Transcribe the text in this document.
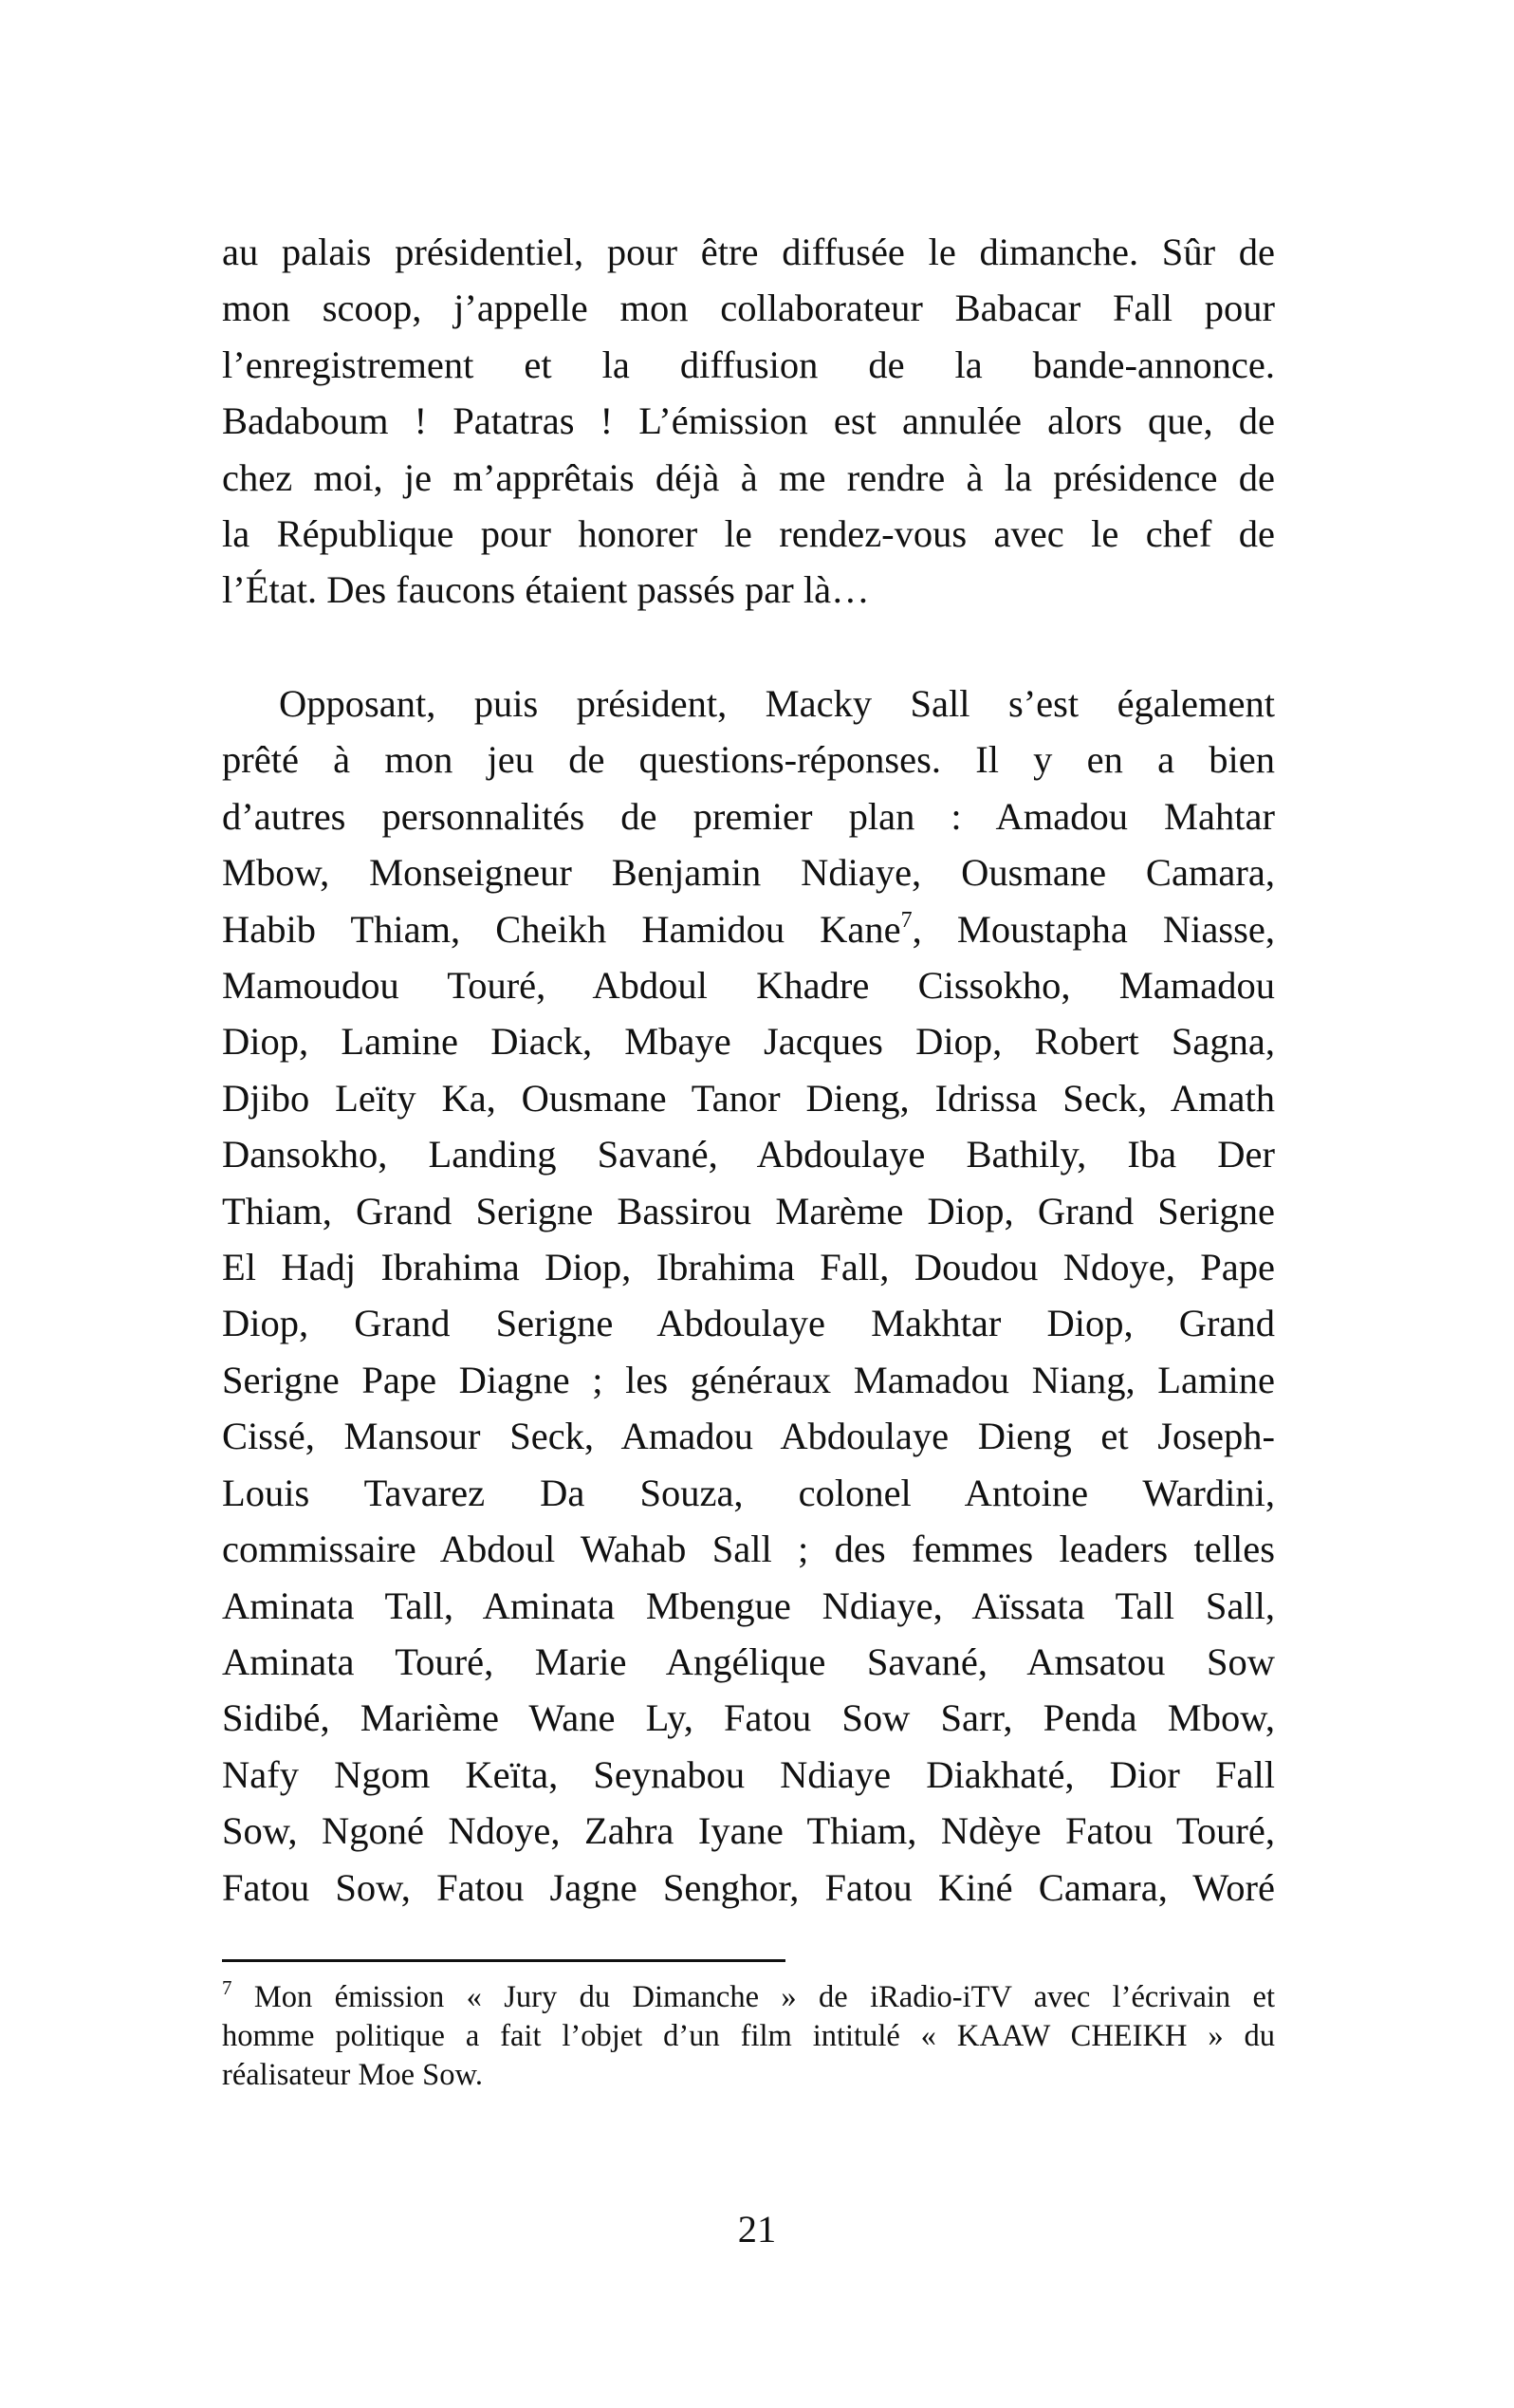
au palais présidentiel, pour être diffusée le dimanche. Sûr de
mon scoop, j’appelle mon collaborateur Babacar Fall pour
l’enregistrement et la diffusion de la bande-annonce.
Badaboum ! Patatras ! L’émission est annulée alors que, de
chez moi, je m’apprêtais déjà à me rendre à la présidence de
la République pour honorer le rendez-vous avec le chef de
l’État. Des faucons étaient passés par là…
Opposant, puis président, Macky Sall s’est également
prêté à mon jeu de questions-réponses. Il y en a bien
d’autres personnalités de premier plan : Amadou Mahtar
Mbow, Monseigneur Benjamin Ndiaye, Ousmane Camara,
Habib Thiam, Cheikh Hamidou Kane$^7$, Moustapha Niasse,
Mamoudou Touré, Abdoul Khadre Cissokho, Mamadou
Diop, Lamine Diack, Mbaye Jacques Diop, Robert Sagna,
Djibo Leïty Ka, Ousmane Tanor Dieng, Idrissa Seck, Amath
Dansokho, Landing Savané, Abdoulaye Bathily, Iba Der
Thiam, Grand Serigne Bassirou Marème Diop, Grand Serigne
El Hadj Ibrahima Diop, Ibrahima Fall, Doudou Ndoye, Pape
Diop, Grand Serigne Abdoulaye Makhtar Diop, Grand
Serigne Pape Diagne ; les généraux Mamadou Niang, Lamine
Cissé, Mansour Seck, Amadou Abdoulaye Dieng et Joseph-
Louis Tavarez Da Souza, colonel Antoine Wardini,
commissaire Abdoul Wahab Sall ; des femmes leaders telles
Aminata Tall, Aminata Mbengue Ndiaye, Aïssata Tall Sall,
Aminata Touré, Marie Angélique Savané, Amsatou Sow
Sidibé, Marième Wane Ly, Fatou Sow Sarr, Penda Mbow,
Nafy Ngom Keïta, Seynabou Ndiaye Diakhaté, Dior Fall
Sow, Ngoné Ndoye, Zahra Iyane Thiam, Ndèye Fatou Touré,
Fatou Sow, Fatou Jagne Senghor, Fatou Kiné Camara, Woré
$^7$ Mon émission « Jury du Dimanche » de iRadio-iTV avec l’écrivain et
homme politique a fait l’objet d’un film intitulé « KAAW CHEIKH » du
réalisateur Moe Sow.
21
